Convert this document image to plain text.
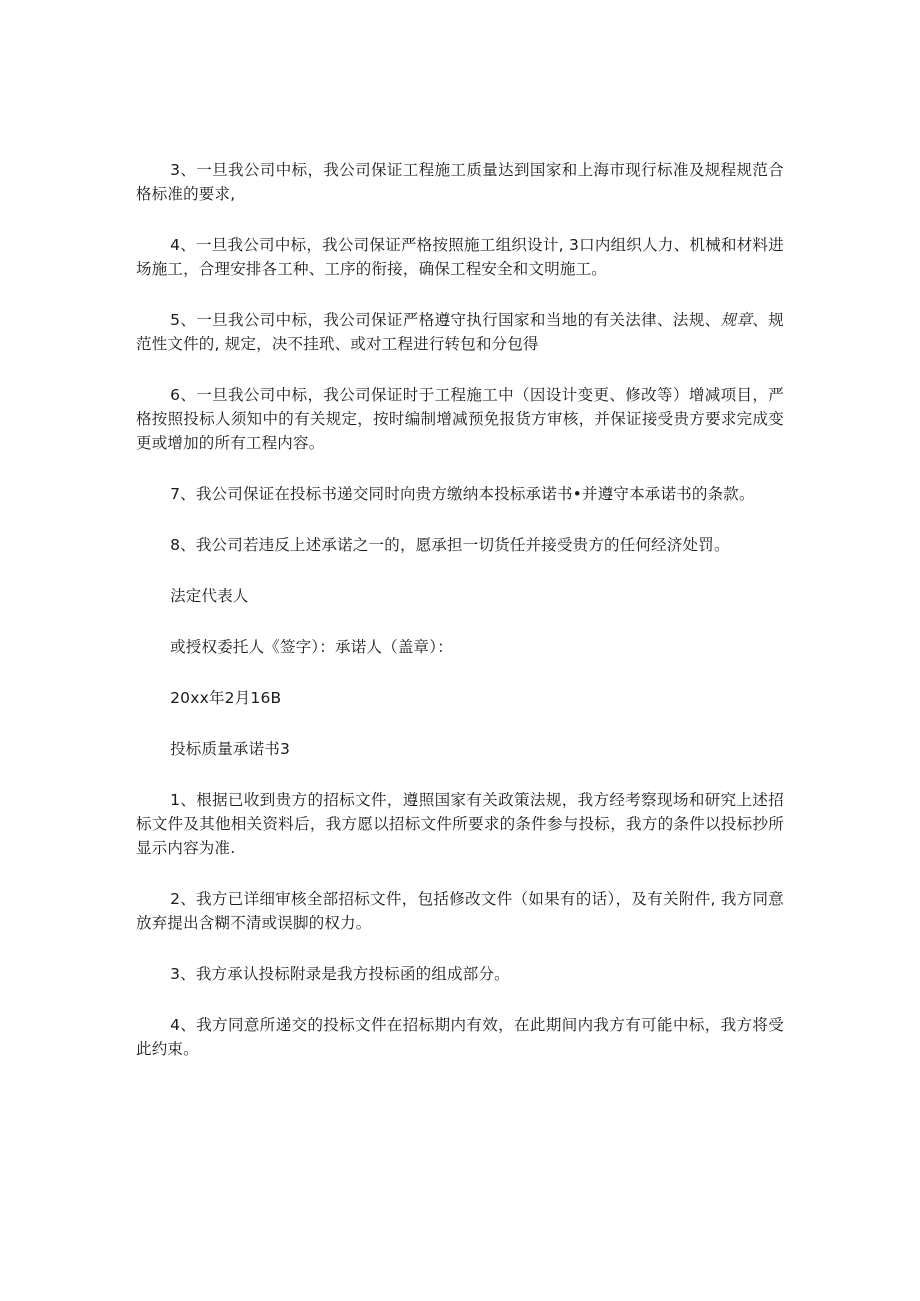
3、一旦我公司中标，我公司保证工程施工质量达到国家和上海市现行标准及规程规范合格标准的要求,

4、一旦我公司中标，我公司保证严格按照施工组织设计, 3口内组织人力、机械和材料进场施工，合理安排各工种、工序的衔接，确保工程安全和文明施工。

5、一旦我公司中标，我公司保证严格遵守执行国家和当地的有关法律、法规、规章、规范性文件的, 规定，决不挂玳、或对工程进行转包和分包得

6、一旦我公司中标，我公司保证时于工程施工中（因设计变更、修改等）增减项目，严格按照投标人须知中的有关规定，按时编制增减预免报货方审核，并保证接受贵方要求完成变更或增加的所有工程内容。

7、我公司保证在投标书递交同时向贵方缴纳本投标承诺书•并遵守本承诺书的条款。

8、我公司若违反上述承诺之一的，愿承担一切货任并接受贵方的任何经济处罚。

法定代表人

或授权委托人《签字）：承诺人（盖章）：

20xx年2月16B

投标质量承诺书3

1、根据已收到贵方的招标文件，遵照国家有关政策法规，我方经考察现场和研究上述招标文件及其他相关资料后，我方愿以招标文件所要求的条件参与投标，我方的条件以投标抄所显示内容为准.

2、我方已详细审核全部招标文件，包括修改文件（如果有的话），及有关附件, 我方同意放弃提出含糊不清或误脚的权力。

3、我方承认投标附录是我方投标函的组成部分。

4、我方同意所递交的投标文件在招标期内有效，在此期间内我方有可能中标，我方将受此约束。
